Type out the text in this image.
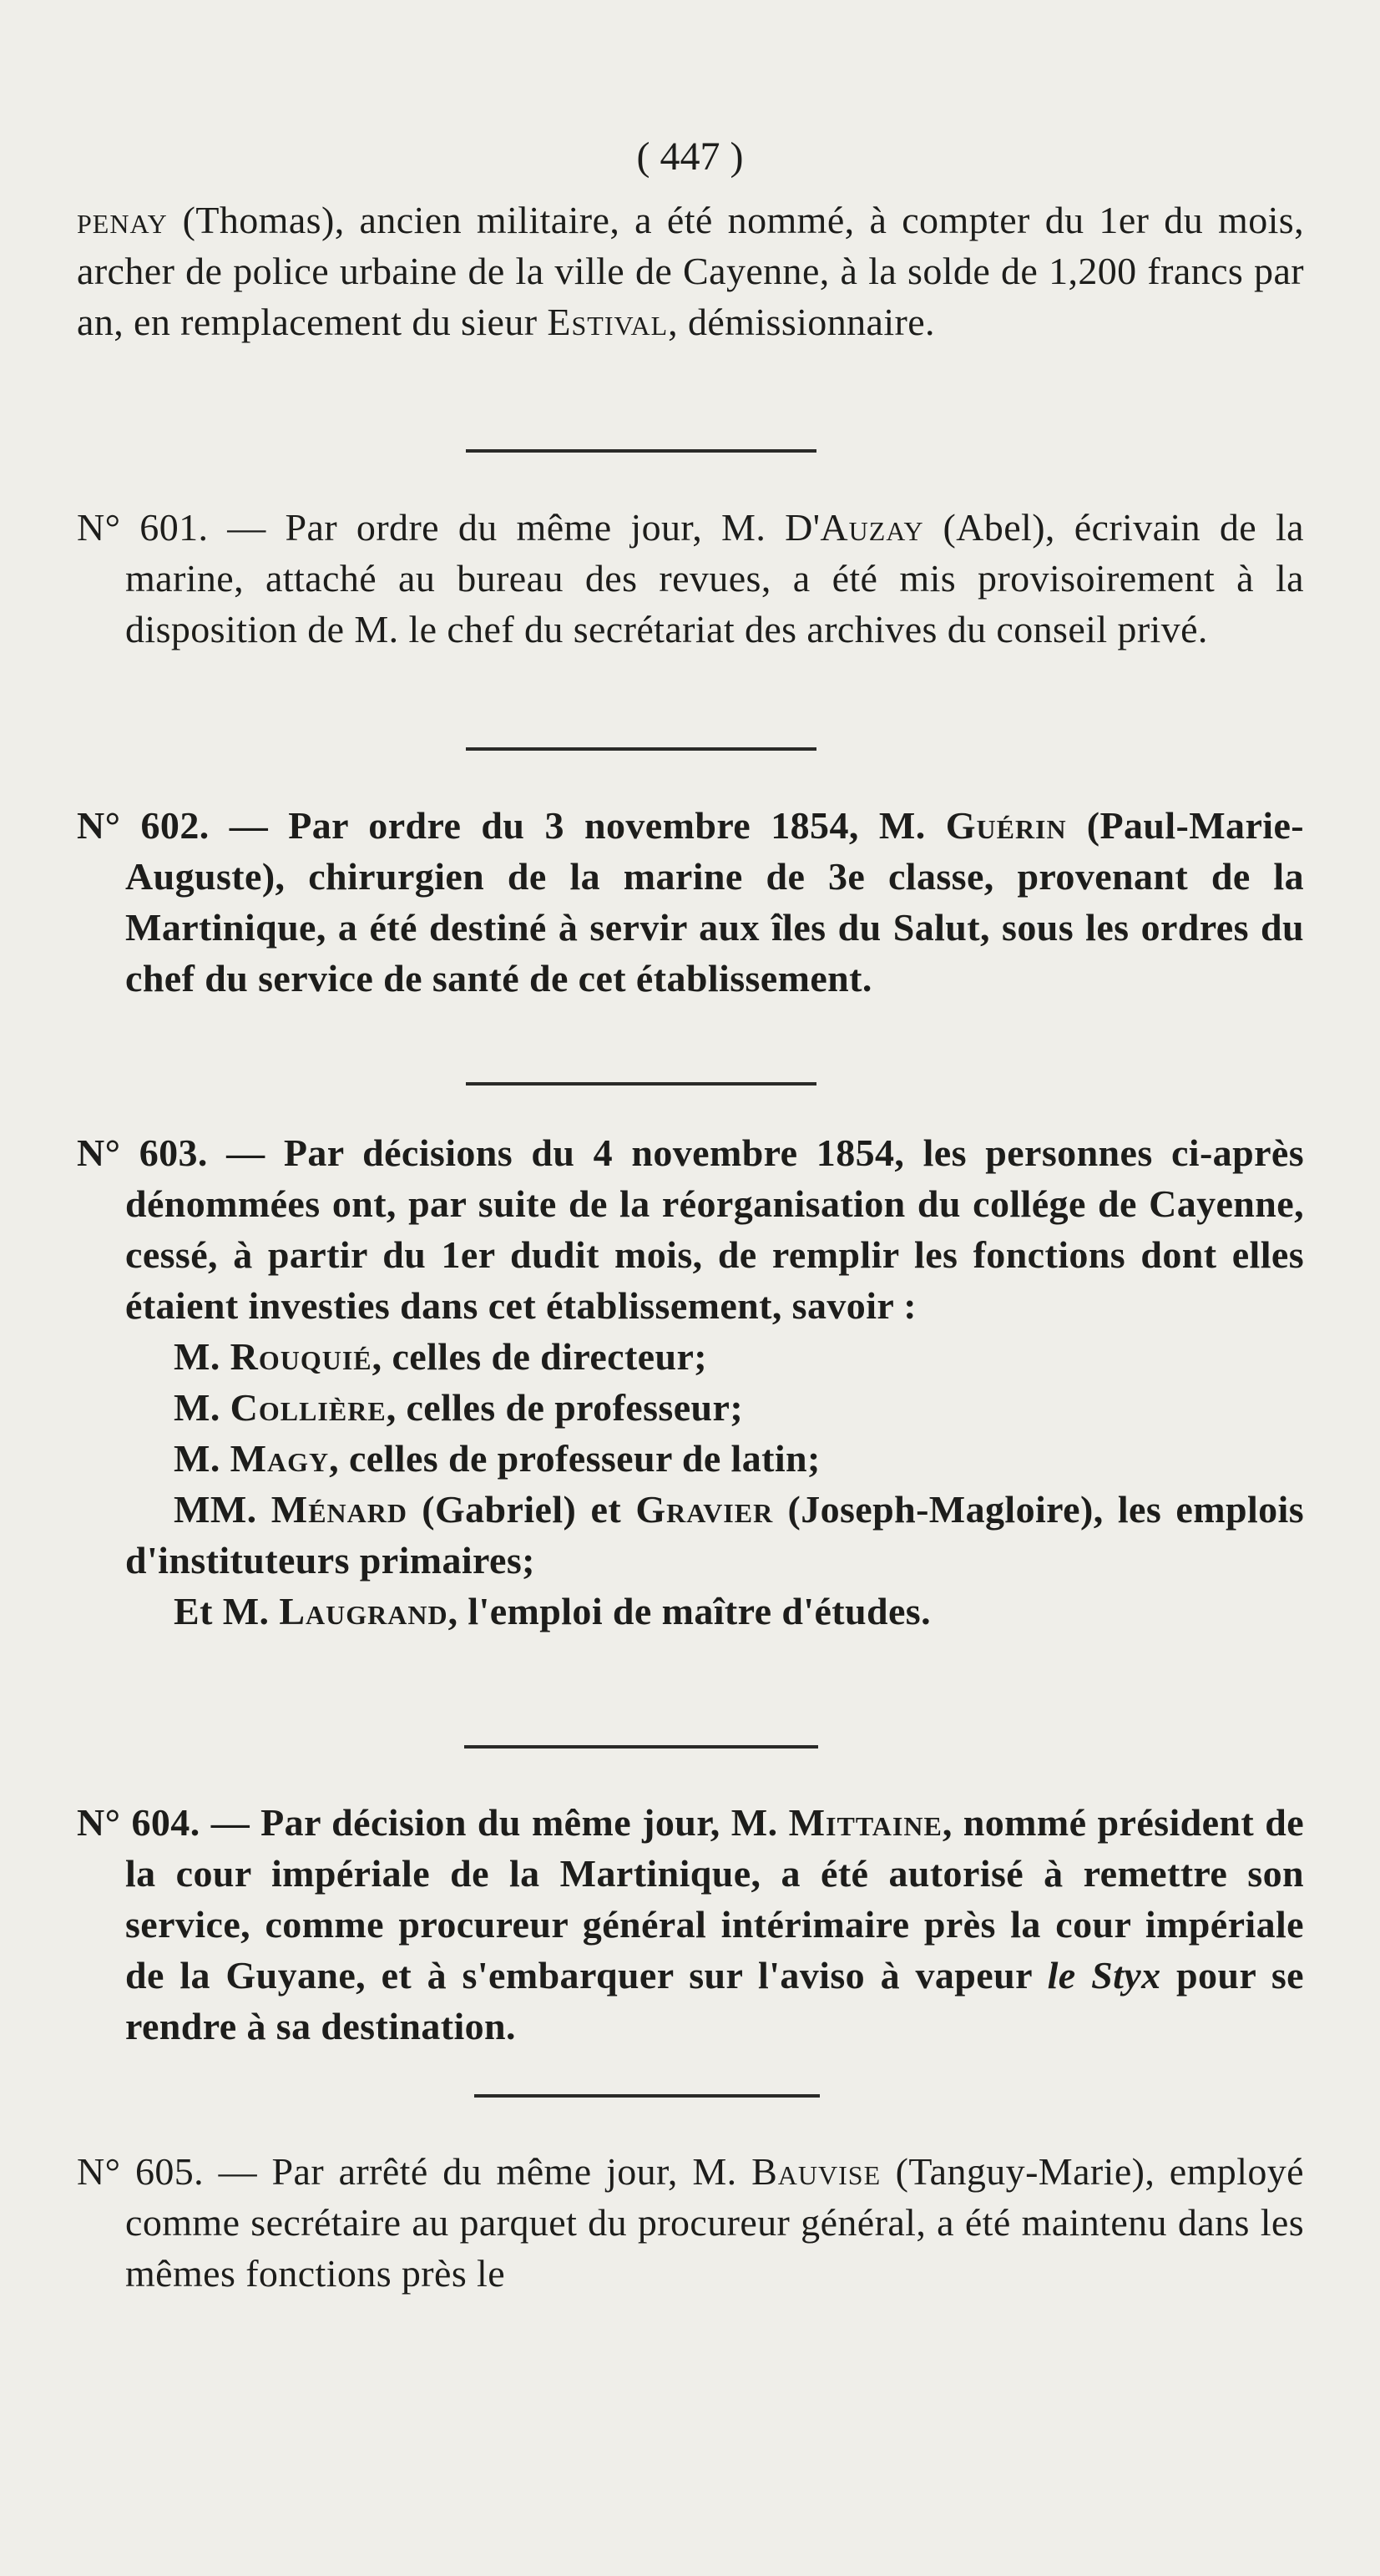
( 447 )

penay (Thomas), ancien militaire, a été nommé, à compter du 1er du mois, archer de police urbaine de la ville de Cayenne, à la solde de 1,200 francs par an, en remplacement du sieur Estival, démissionnaire.

N° 601. — Par ordre du même jour, M. D'Auzay (Abel), écrivain de la marine, attaché au bureau des revues, a été mis provisoirement à la disposition de M. le chef du secrétariat des archives du conseil privé.

N° 602. — Par ordre du 3 novembre 1854, M. Guérin (Paul-Marie-Auguste), chirurgien de la marine de 3e classe, provenant de la Martinique, a été destiné à servir aux îles du Salut, sous les ordres du chef du service de santé de cet établissement.

N° 603. — Par décisions du 4 novembre 1854, les personnes ci-après dénommées ont, par suite de la réorganisation du collége de Cayenne, cessé, à partir du 1er dudit mois, de remplir les fonctions dont elles étaient investies dans cet établissement, savoir :

M. Rouquié, celles de directeur;

M. Collière, celles de professeur;

M. Magy, celles de professeur de latin;

MM. Ménard (Gabriel) et Gravier (Joseph-Magloire), les emplois d'instituteurs primaires;

Et M. Laugrand, l'emploi de maître d'études.

N° 604. — Par décision du même jour, M. Mittaine, nommé président de la cour impériale de la Martinique, a été autorisé à remettre son service, comme procureur général intérimaire près la cour impériale de la Guyane, et à s'embarquer sur l'aviso à vapeur le Styx pour se rendre à sa destination.

N° 605. — Par arrêté du même jour, M. Bauvise (Tanguy-Marie), employé comme secrétaire au parquet du procureur général, a été maintenu dans les mêmes fonctions près le
